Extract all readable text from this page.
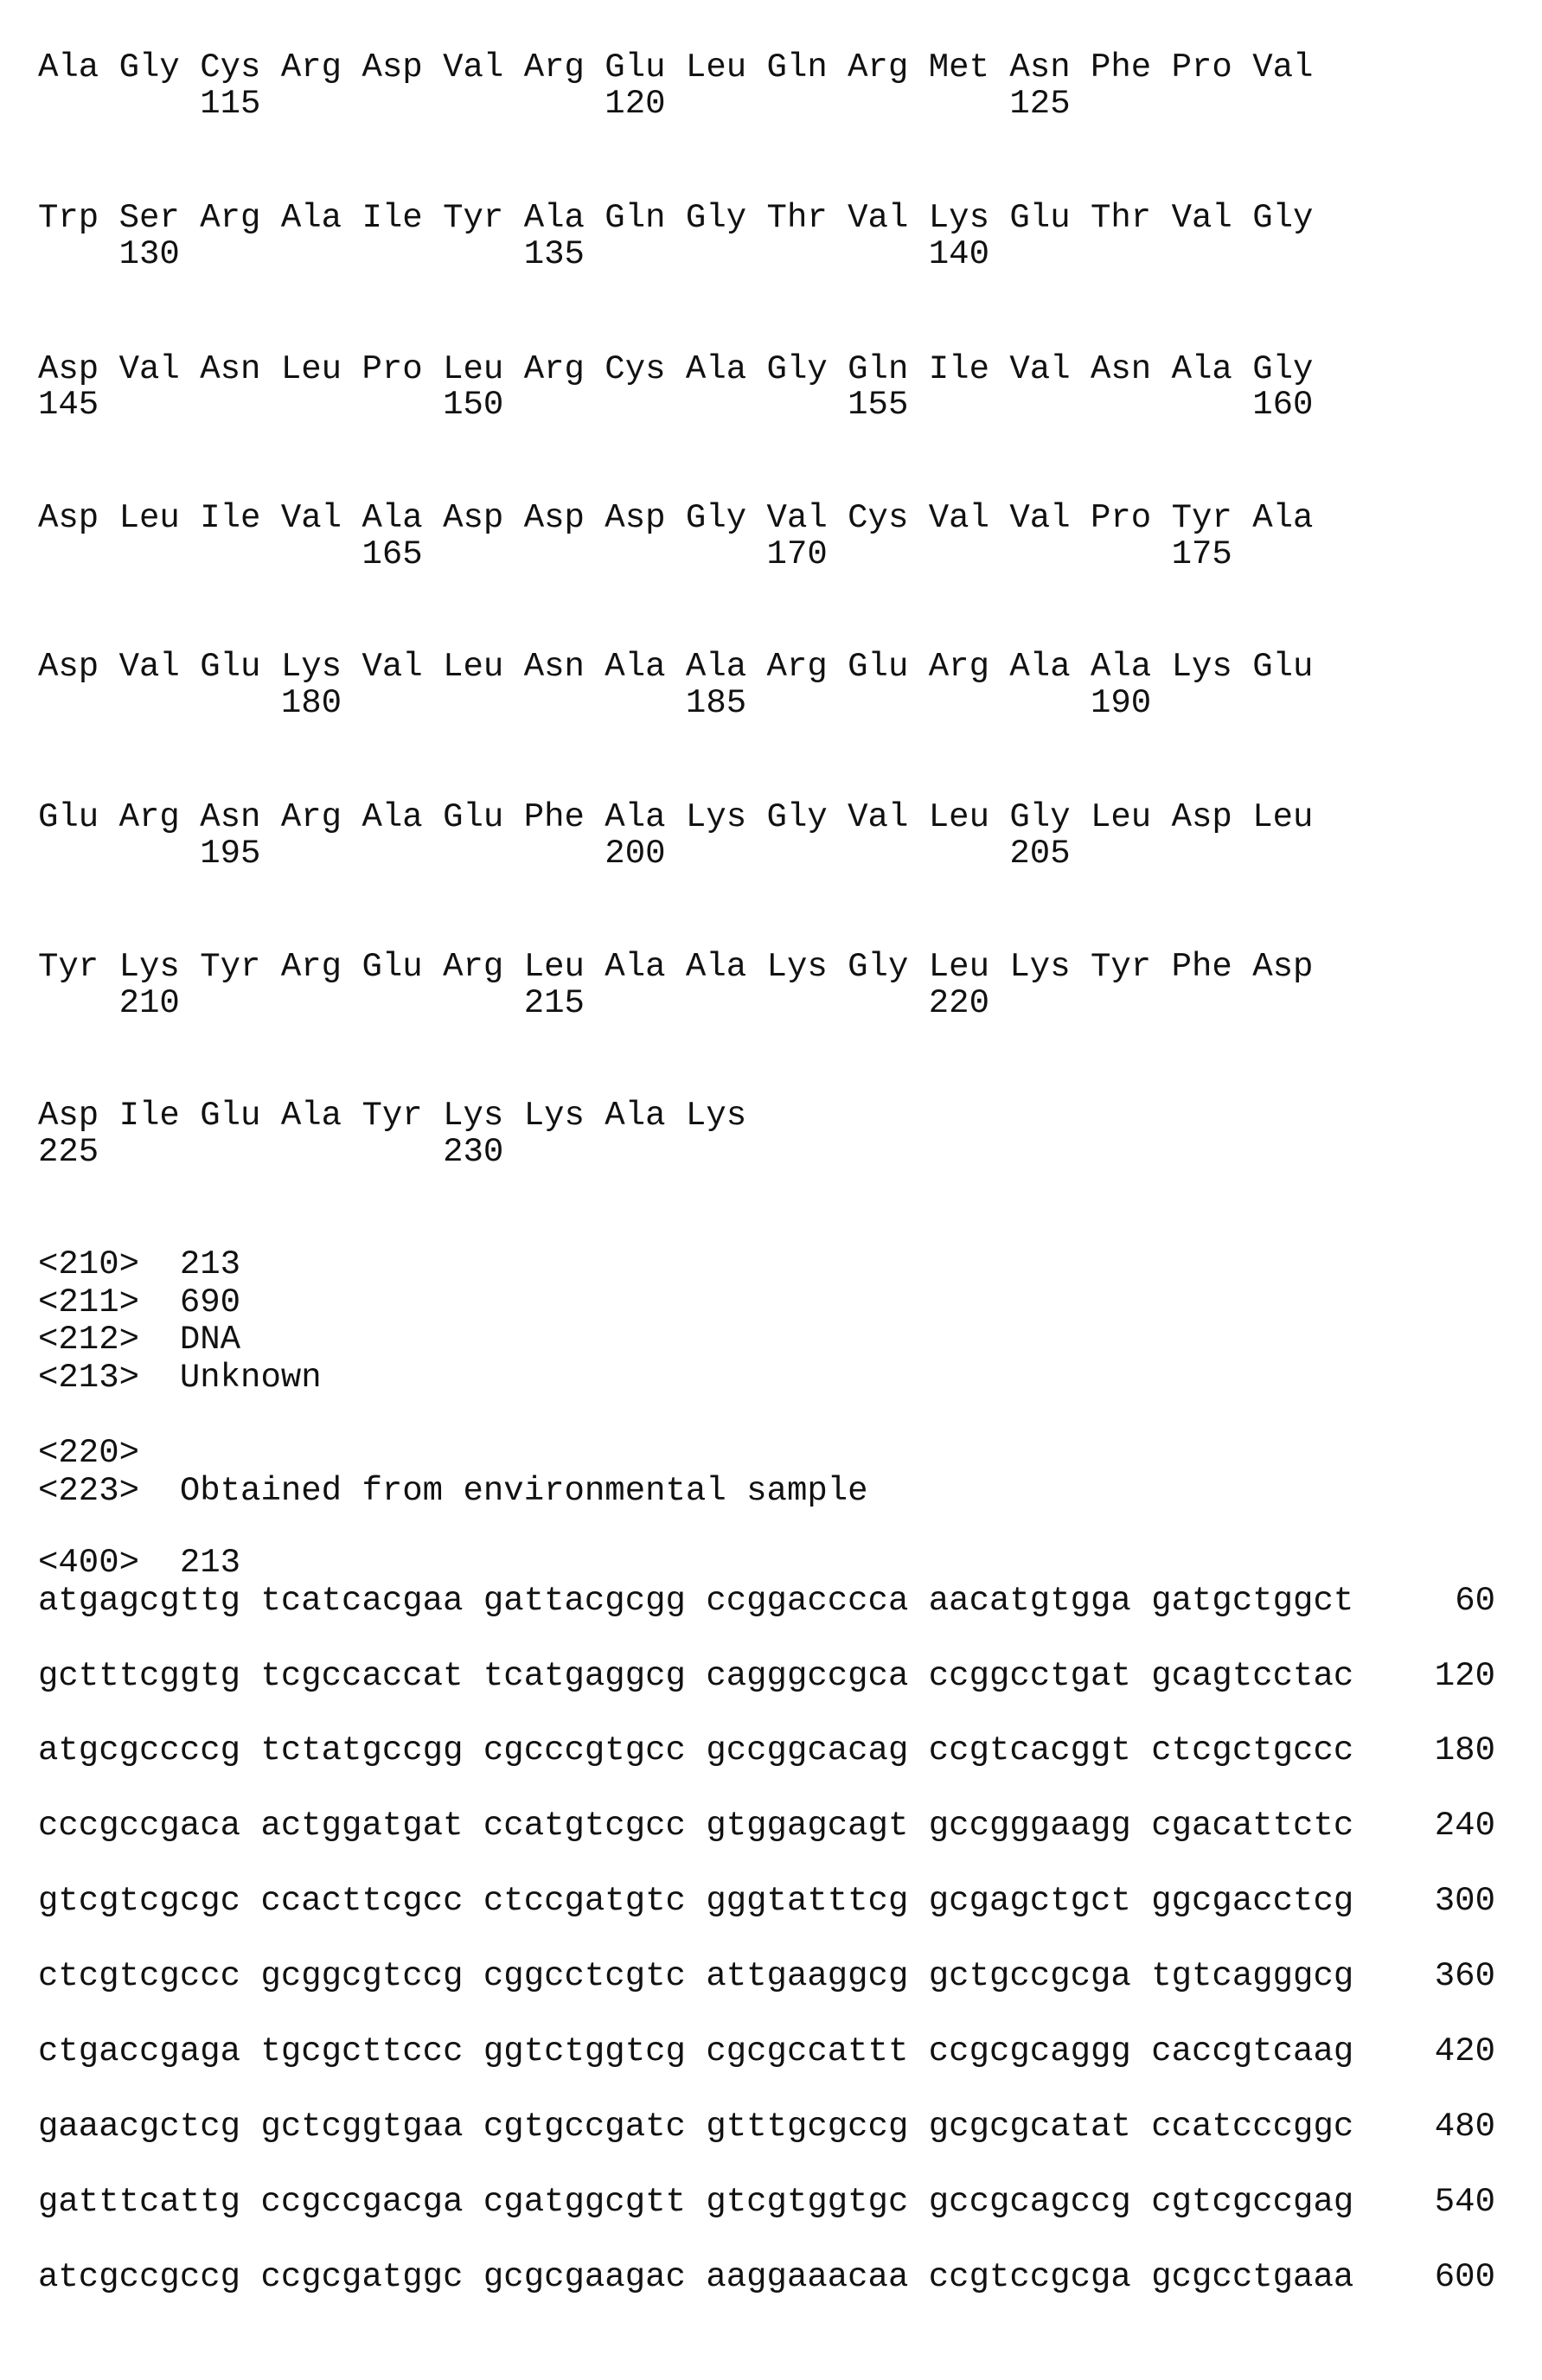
Ala Gly Cys Arg Asp Val Arg Glu Leu Gln Arg Met Asn Phe Pro Val
115                 120                 125
Trp Ser Arg Ala Ile Tyr Ala Gln Gly Thr Val Lys Glu Thr Val Gly
130                 135                 140
Asp Val Asn Leu Pro Leu Arg Cys Ala Gly Gln Ile Val Asn Ala Gly
145                 150                 155                 160
Asp Leu Ile Val Ala Asp Asp Asp Gly Val Cys Val Val Pro Tyr Ala
165                 170                 175
Asp Val Glu Lys Val Leu Asn Ala Ala Arg Glu Arg Ala Ala Lys Glu
180                 185                 190
Glu Arg Asn Arg Ala Glu Phe Ala Lys Gly Val Leu Gly Leu Asp Leu
195                 200                 205
Tyr Lys Tyr Arg Glu Arg Leu Ala Ala Lys Gly Leu Lys Tyr Phe Asp
210                 215                 220
Asp Ile Glu Ala Tyr Lys Lys Ala Lys
225                 230
<210>  213
<211>  690
<212>  DNA
<213>  Unknown
<220>
<223>  Obtained from environmental sample
<400>  213
atgagcgttg tcatcacgaa gattacgcgg ccggacccca aacatgtgga gatgctggct	60
gctttcggtg tcgccaccat tcatgaggcg cagggccgca ccggcctgat gcagtcctac 120
atgcgccccg tctatgccgg cgcccgtgcc gccggcacag ccgtcacggt ctcgctgccc 180
cccgccgaca actggatgat ccatgtcgcc gtggagcagt gccgggaagg cgacattctc 240
gtcgtcgcgc ccacttcgcc ctccgatgtc gggtatttcg gcgagctgct ggcgacctcg 300
ctcgtcgccc gcggcgtccg cggcctcgtc attgaaggcg gctgccgcga tgtcagggcg 360
ctgaccgaga tgcgcttccc ggtctggtcg cgcgccattt ccgcgcaggg caccgtcaag 420
gaaacgctcg gctcggtgaa cgtgccgatc gtttgcgccg gcgcgcatat ccatcccggc 480
gatttcattg ccgccgacga cgatggcgtt gtcgtggtgc gccgcagccg cgtcgccgag 540
atcgccgccg ccgcgatggc gcgcgaagac aaggaaacaa ccgtccgcga gcgcctgaaa 600
